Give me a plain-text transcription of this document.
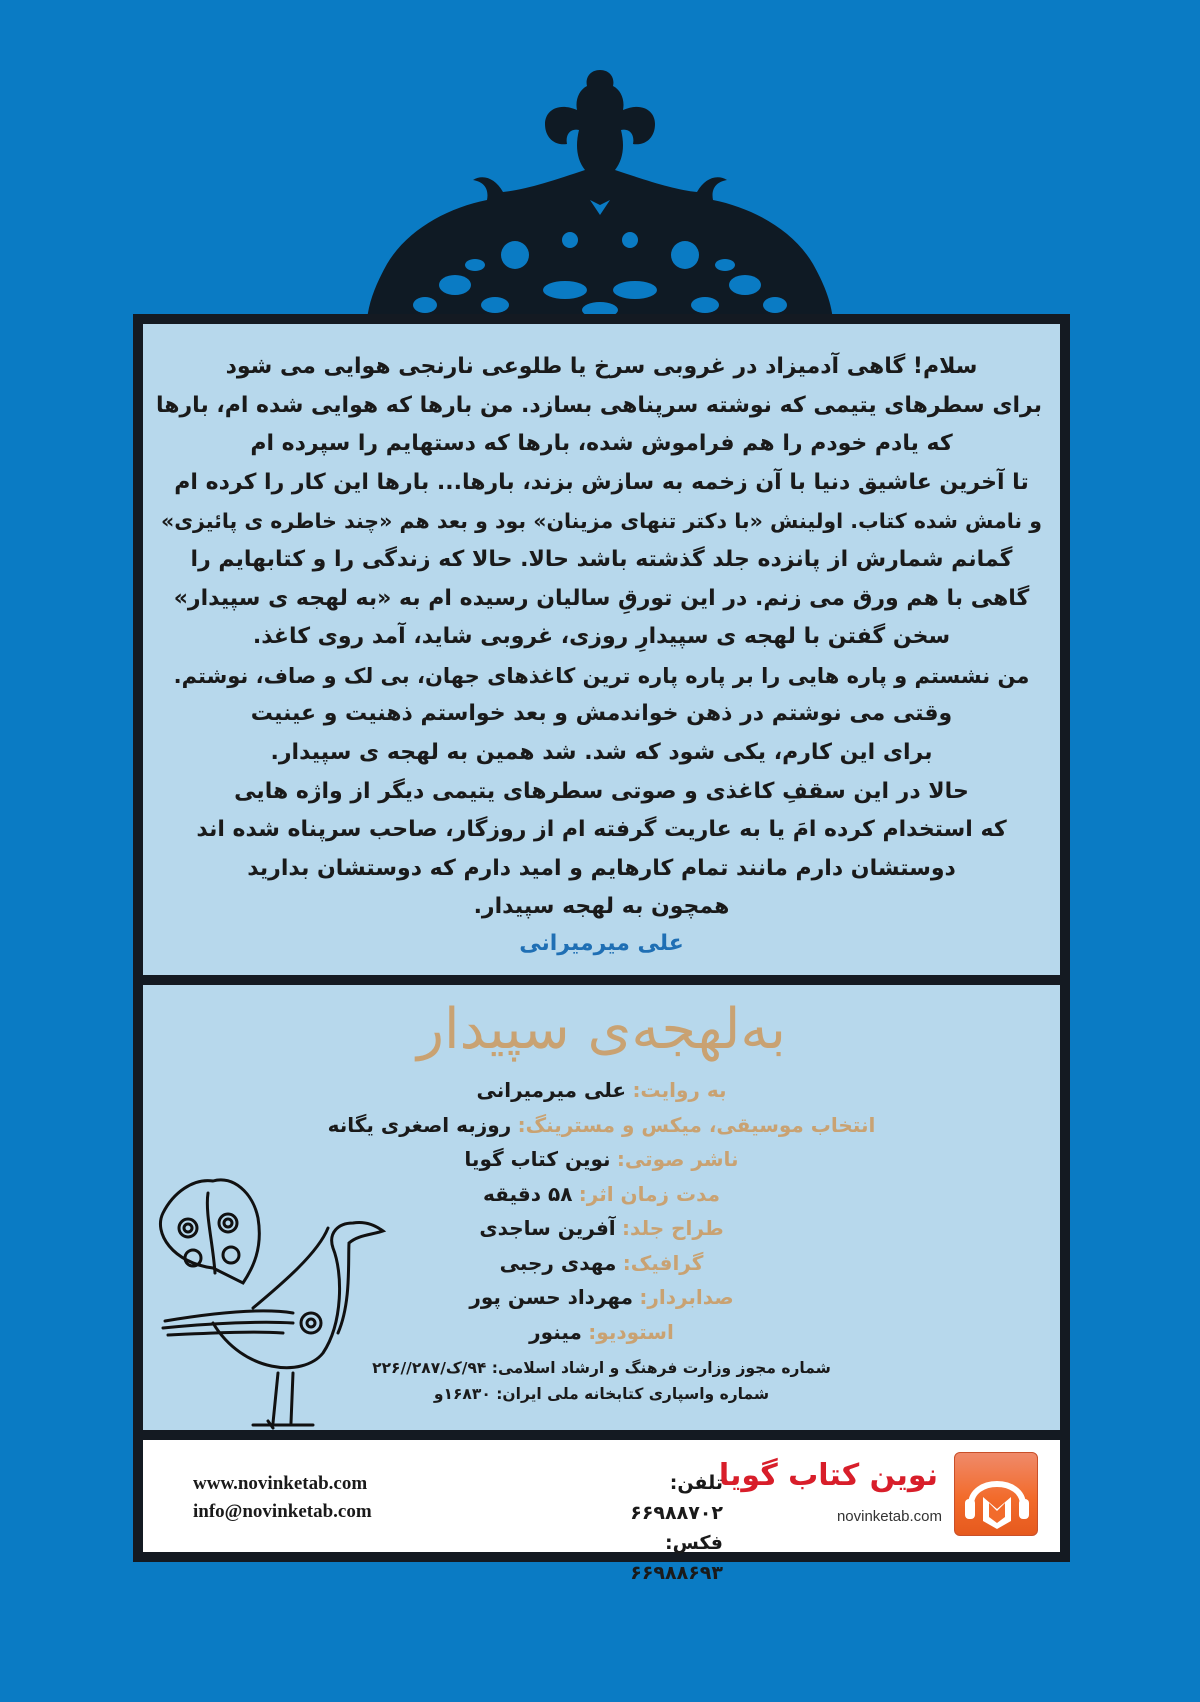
سلام! گاهی آدمیزاد در غروبی سرخ یا طلوعی نارنجی هوایی می شود
برای سطرهای یتیمی که نوشته سرپناهی بسازد. من بارها که هوایی شده ام، بارها
که یادم خودم را هم فراموش شده، بارها که دستهایم را سپرده ام
تا آخرین عاشیق دنیا با آن زخمه به سازش بزند، بارها... بارها این کار را کرده ام
و نامش شده کتاب. اولینش «با دکتر تنهای مزینان» بود و بعد هم «چند خاطره ی پائیزی»
گمانم شمارش از پانزده جلد گذشته باشد حالا. حالا که زندگی را و کتابهایم را
گاهی با هم ورق می زنم. در این تورقِ سالیان رسیده ام به «به لهجه ی سپیدار»
سخن گفتن با لهجه ی سپیدارِ روزی، غروبی شاید، آمد روی کاغذ.
من نشستم و پاره هایی را بر پاره پاره ترین کاغذهای جهان، بی لک و صاف، نوشتم.
وقتی می نوشتم در ذهن خواندمش و بعد خواستم ذهنیت و عینیت
برای این کارم، یکی شود که شد. شد همین به لهجه ی سپیدار.
حالا در این سقفِ کاغذی و صوتی سطرهای یتیمی دیگر از واژه هایی
که استخدام کرده امَ یا به عاریت گرفته ام از روزگار، صاحب سرپناه شده اند
دوستشان دارم مانند تمام کارهایم و امید دارم که دوستشان بدارید
همچون به لهجه سپیدار.
علی میرمیرانی
به‌لهجه‌ی سپیدار
به روایت: علی میرمیرانی
انتخاب موسیقی، میکس و مسترینگ: روزبه اصغری یگانه
ناشر صوتی: نوین کتاب گویا
مدت زمان اثر: ۵۸ دقیقه
طراح جلد: آفرین ساجدی
گرافیک: مهدی رجبی
صدابردار: مهرداد حسن پور
استودیو: مینور
شماره مجوز وزارت فرهنگ و ارشاد اسلامی: ۹۴/ک/۲۸۷//۲۲۶
شماره واسپاری کتابخانه ملی ایران: ۱۶۸۳۰و
www.novinketab.com
info@novinketab.com
تلفن:
۶۶۹۸۸۷۰۲
فکس:
۶۶۹۸۸۶۹۳
نوین کتاب گویا
novinketab.com
